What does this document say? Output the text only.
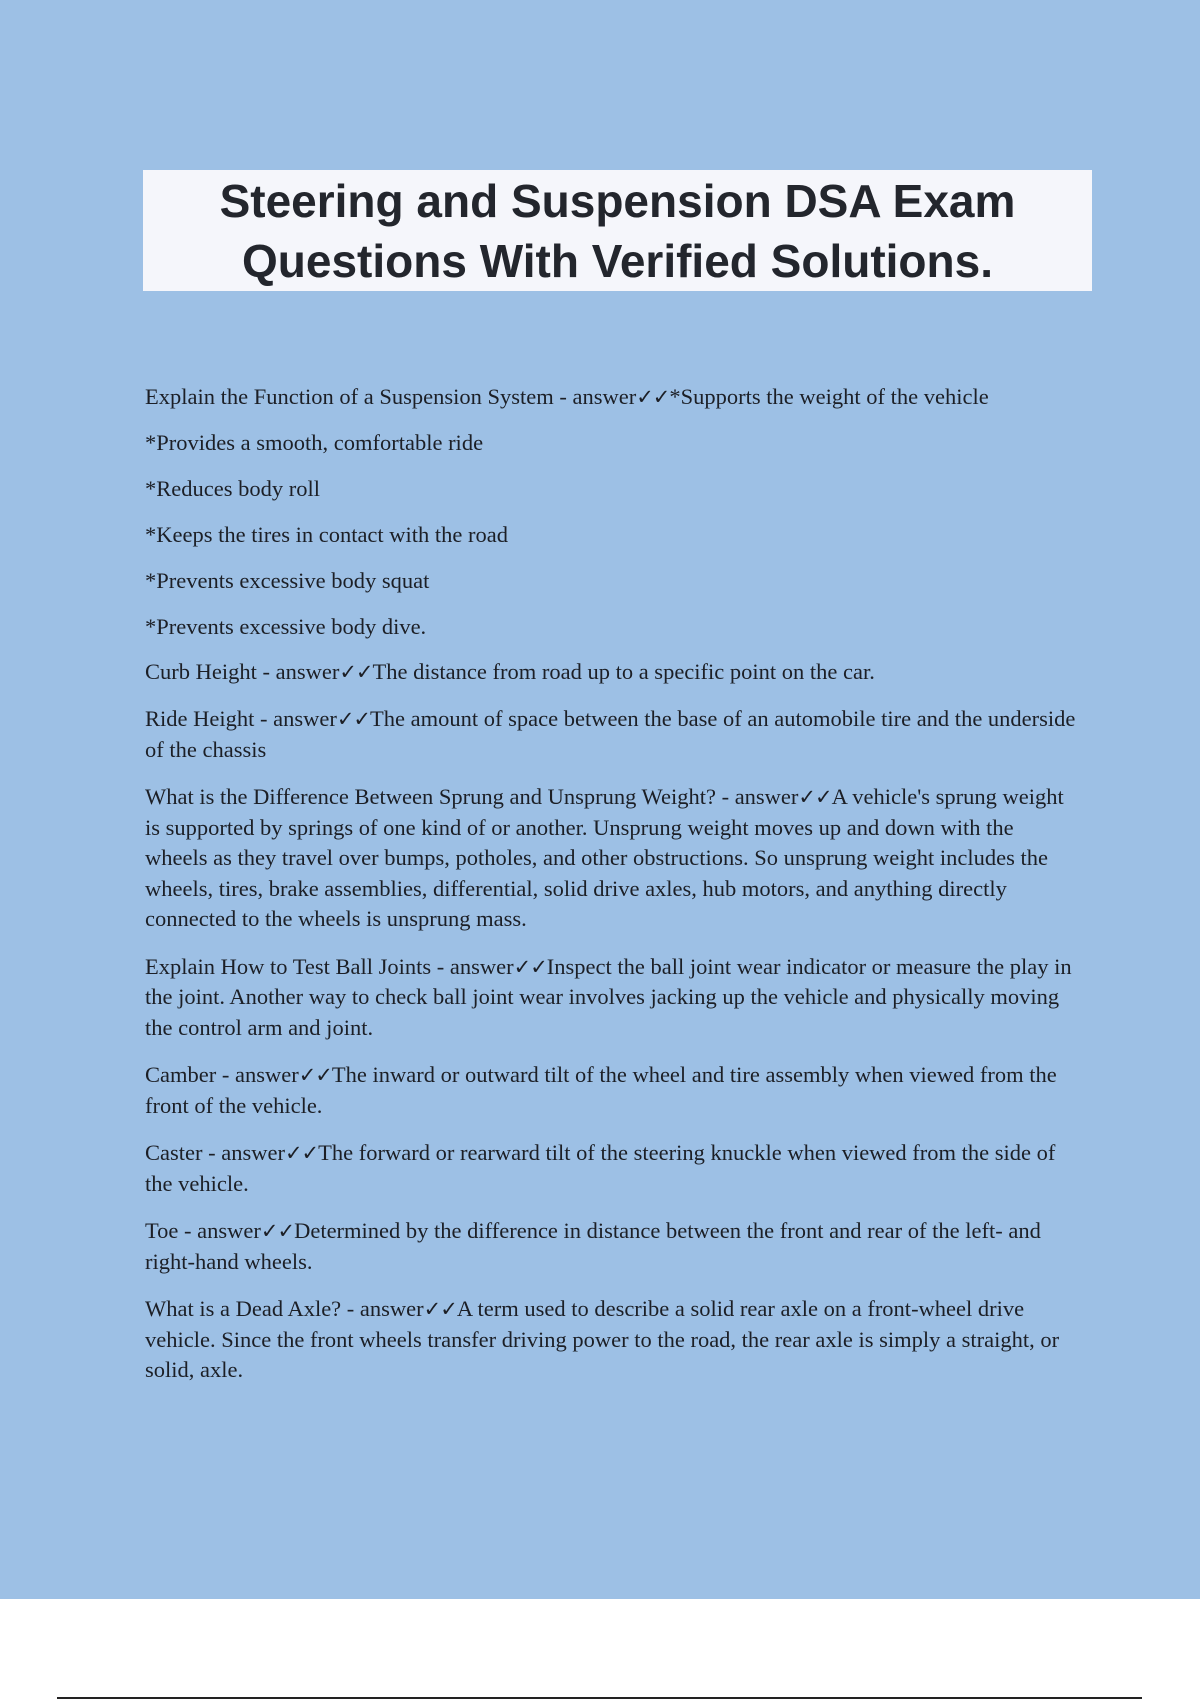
Steering and Suspension DSA Exam Questions With Verified Solutions.

Explain the Function of a Suspension System - answer✓✓*Supports the weight of the vehicle

*Provides a smooth, comfortable ride

*Reduces body roll

*Keeps the tires in contact with the road

*Prevents excessive body squat

*Prevents excessive body dive.

Curb Height - answer✓✓The distance from road up to a specific point on the car.

Ride Height - answer✓✓The amount of space between the base of an automobile tire and the underside of the chassis

What is the Difference Between Sprung and Unsprung Weight? - answer✓✓A vehicle's sprung weight is supported by springs of one kind of or another. Unsprung weight moves up and down with the wheels as they travel over bumps, potholes, and other obstructions. So unsprung weight includes the wheels, tires, brake assemblies, differential, solid drive axles, hub motors, and anything directly connected to the wheels is unsprung mass.

Explain How to Test Ball Joints - answer✓✓Inspect the ball joint wear indicator or measure the play in the joint. Another way to check ball joint wear involves jacking up the vehicle and physically moving the control arm and joint.

Camber - answer✓✓The inward or outward tilt of the wheel and tire assembly when viewed from the front of the vehicle.

Caster - answer✓✓The forward or rearward tilt of the steering knuckle when viewed from the side of the vehicle.

Toe - answer✓✓Determined by the difference in distance between the front and rear of the left- and right-hand wheels.

What is a Dead Axle? - answer✓✓A term used to describe a solid rear axle on a front-wheel drive vehicle. Since the front wheels transfer driving power to the road, the rear axle is simply a straight, or solid, axle.
